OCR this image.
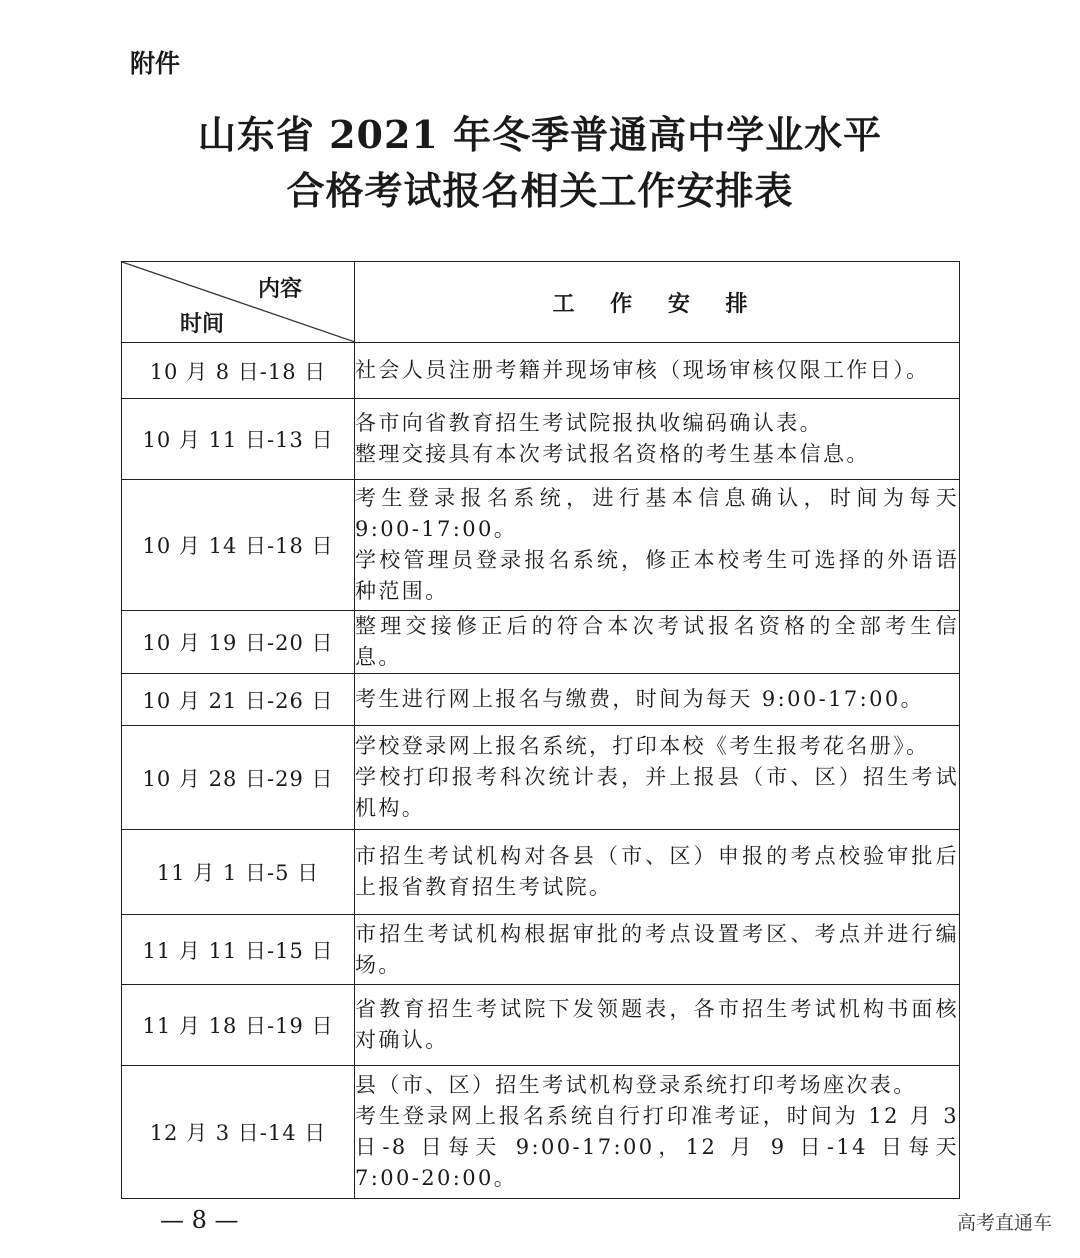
附件
山东省 2021 年冬季普通高中学业水平
合格考试报名相关工作安排表
内容
时间	工 作 安 排
10 月 8 日-18 日	社会人员注册考籍并现场审核（现场审核仅限工作日）。

10 月 11 日-13 日	各市向省教育招生考试院报执收编码确认表。

整理交接具有本次考试报名资格的考生基本信息。

10 月 14 日-18 日	考生登录报名系统，进行基本信息确认，时间为每天 9:00-17:00。

学校管理员登录报名系统，修正本校考生可选择的外语语种范围。

10 月 19 日-20 日	整理交接修正后的符合本次考试报名资格的全部考生信息。

10 月 21 日-26 日	考生进行网上报名与缴费，时间为每天 9:00-17:00。

10 月 28 日-29 日	学校登录网上报名系统，打印本校《考生报考花名册》。

学校打印报考科次统计表，并上报县（市、区）招生考试机构。

11 月 1 日-5 日	市招生考试机构对各县（市、区）申报的考点校验审批后上报省教育招生考试院。

11 月 11 日-15 日	市招生考试机构根据审批的考点设置考区、考点并进行编场。

11 月 18 日-19 日	省教育招生考试院下发领题表，各市招生考试机构书面核对确认。

12 月 3 日-14 日	县（市、区）招生考试机构登录系统打印考场座次表。

考生登录网上报名系统自行打印准考证，时间为 12 月 3 日-8 日每天 9:00-17:00，12 月 9 日-14 日每天 7:00-20:00。

— 8 —	高考直通车
